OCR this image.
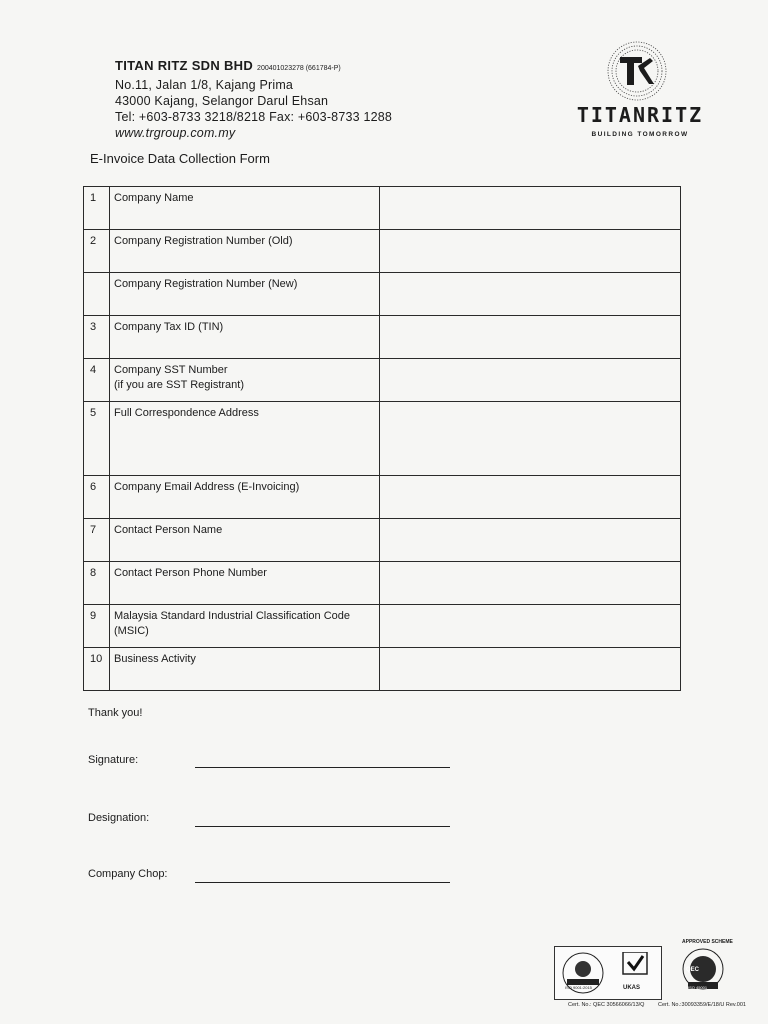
TITAN RITZ SDN BHD 200401023278 (661784-P)
No.11, Jalan 1/8, Kajang Prima
43000 Kajang, Selangor Darul Ehsan
Tel: +603-8733 3218/8218 Fax: +603-8733 1288
www.trgroup.com.my
TITANRITZ
BUILDING TOMORROW
E-Invoice Data Collection Form
1	Company Name

2	Company Registration Number (Old)

	Company Registration Number (New)

3	Company Tax ID (TIN)

4	Company SST Number
(if you are SST Registrant)

5	Full Correspondence Address

6	Company Email Address (E-Invoicing)

7	Contact Person Name

8	Contact Person Phone Number

9	Malaysia Standard Industrial Classification Code
(MSIC)

10	Business Activity

Thank you!
Signature:
Designation:
Company Chop:
UKAS
ISO 9001:2015
QEC
APPROVED SCHEME
ISO 45001
Cert. No.: QEC 30566066/13/Q Cert. No.:30093359/E/18/U Rev.001
